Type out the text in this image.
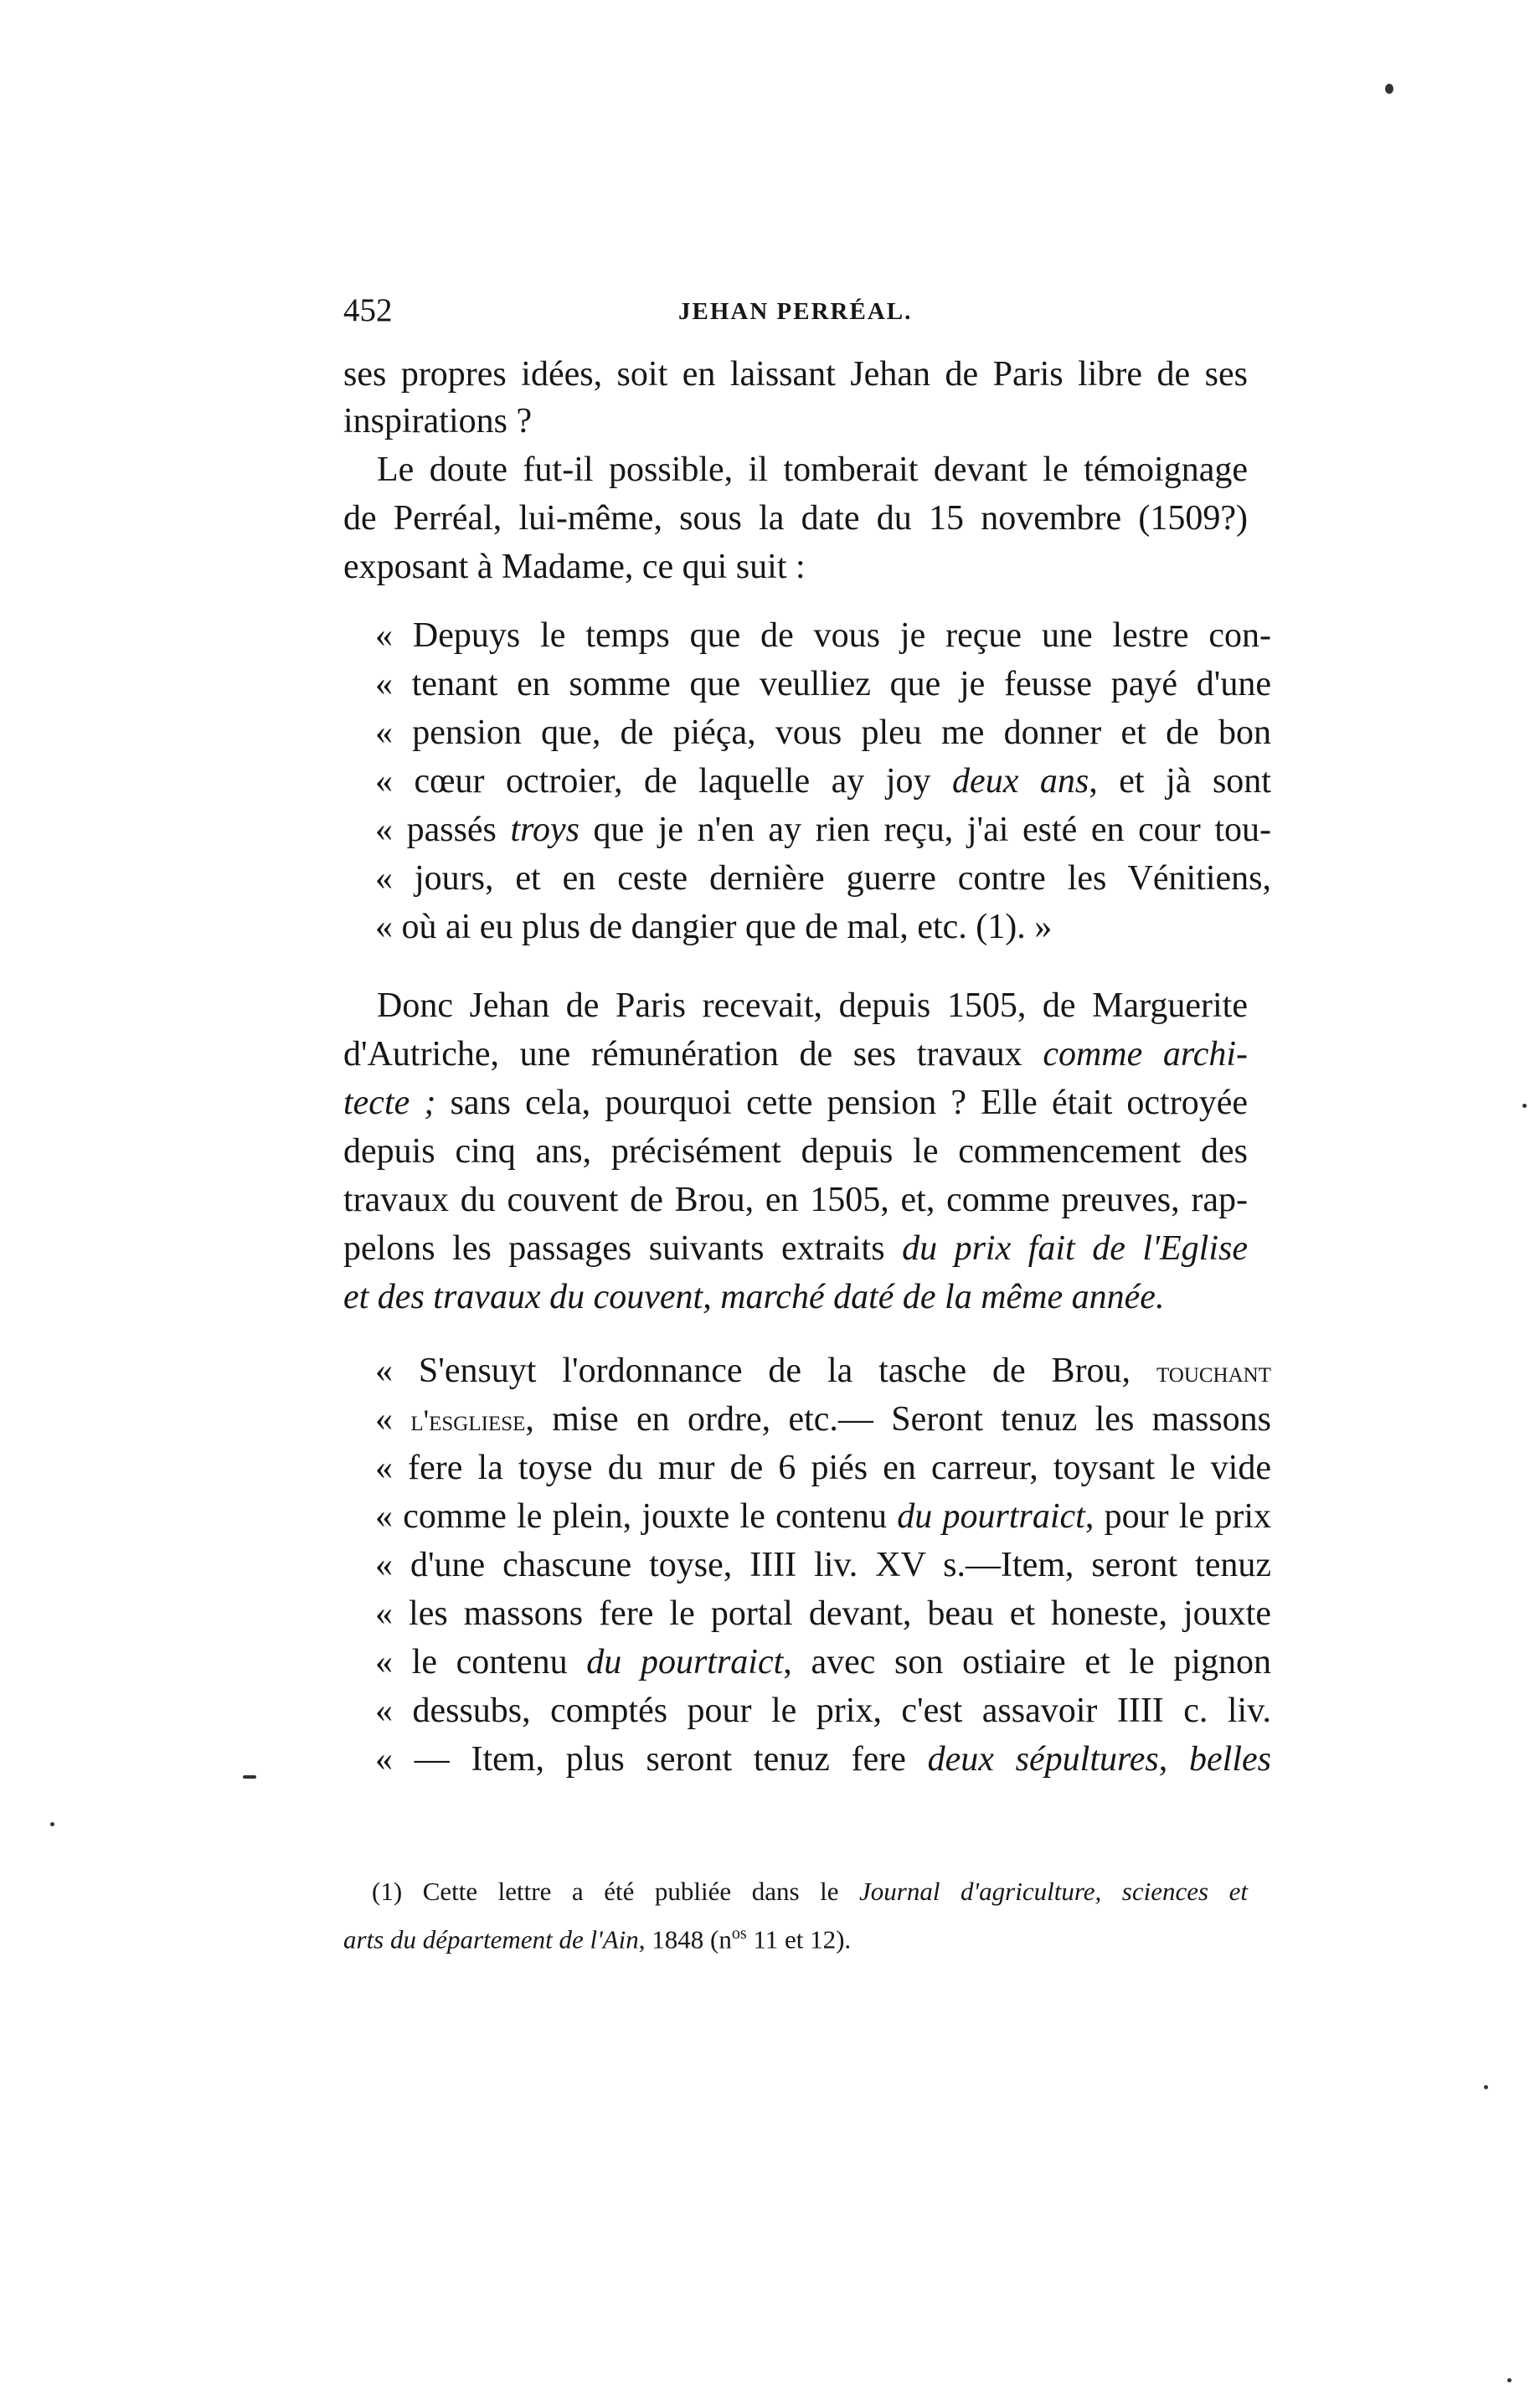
452	JEHAN PERRÉAL.
ses propres idées, soit en laissant Jehan de Paris libre de ses
inspirations ?
Le doute fut-il possible, il tomberait devant le témoignage
de Perréal, lui-même, sous la date du 15 novembre (1509?)
exposant à Madame, ce qui suit :
« Depuys le temps que de vous je reçue une lestre con-
« tenant en somme que veulliez que je feusse payé d'une
« pension que, de piéça, vous pleu me donner et de bon
« cœur octroier, de laquelle ay joy deux ans, et jà sont
« passés troys que je n'en ay rien reçu, j'ai esté en cour tou-
« jours, et en ceste dernière guerre contre les Vénitiens,
« où ai eu plus de dangier que de mal, etc. (1). »
Donc Jehan de Paris recevait, depuis 1505, de Marguerite
d'Autriche, une rémunération de ses travaux comme archi-
tecte ; sans cela, pourquoi cette pension ? Elle était octroyée
depuis cinq ans, précisément depuis le commencement des
travaux du couvent de Brou, en 1505, et, comme preuves, rap-
pelons les passages suivants extraits du prix fait de l'Eglise
et des travaux du couvent, marché daté de la même année.
« S'ensuyt l'ordonnance de la tasche de Brou, touchant
« l'esgliese, mise en ordre, etc.— Seront tenuz les massons
« fere la toyse du mur de 6 piés en carreur, toysant le vide
« comme le plein, jouxte le contenu du pourtraict, pour le prix
« d'une chascune toyse, IIII liv. XV s.—Item, seront tenuz
« les massons fere le portal devant, beau et honeste, jouxte
« le contenu du pourtraict, avec son ostiaire et le pignon
« dessubs, comptés pour le prix, c'est assavoir IIII c. liv.
« — Item, plus seront tenuz fere deux sépultures, belles
(1) Cette lettre a été publiée dans le Journal d'agriculture, sciences et
arts du département de l'Ain, 1848 ($n^{os}$ 11 et 12).
